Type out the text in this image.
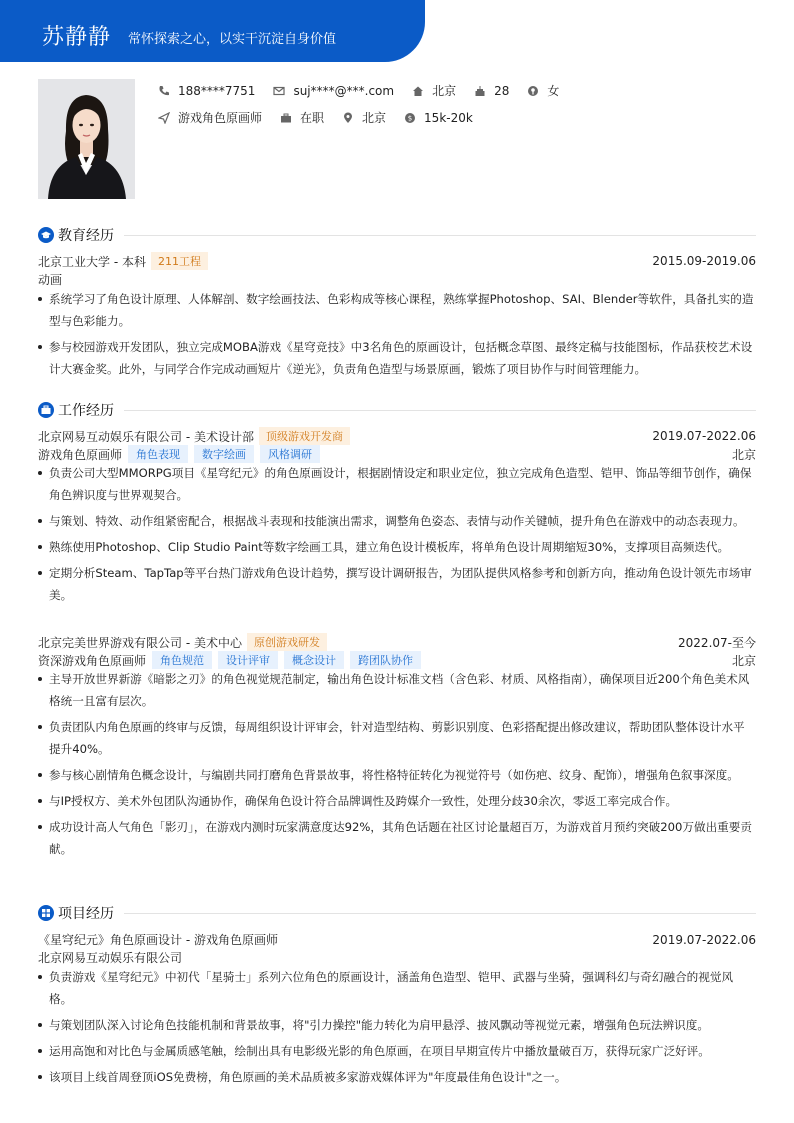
苏静静 常怀探索之心，以实干沉淀自身价值
188****7751	suj****@***.com	北京	28	女
游戏角色原画师	在职	北京	$ 15k-20k
教育经历
北京工业大学 - 本科	211工程	2015.09-2019.06
动画
系统学习了角色设计原理、人体解剖、数字绘画技法、色彩构成等核心课程，熟练掌握Photoshop、SAI、Blender等软件，具备扎实的造型与色彩能力。
参与校园游戏开发团队，独立完成MOBA游戏《星穹竞技》中3名角色的原画设计，包括概念草图、最终定稿与技能图标，作品获校艺术设计大赛金奖。此外，与同学合作完成动画短片《逆光》，负责角色造型与场景原画，锻炼了项目协作与时间管理能力。
工作经历
北京网易互动娱乐有限公司 - 美术设计部	顶级游戏开发商	2019.07-2022.06
游戏角色原画师	角色表现	数字绘画	风格调研	北京
负责公司大型MMORPG项目《星穹纪元》的角色原画设计，根据剧情设定和职业定位，独立完成角色造型、铠甲、饰品等细节创作，确保角色辨识度与世界观契合。
与策划、特效、动作组紧密配合，根据战斗表现和技能演出需求，调整角色姿态、表情与动作关键帧，提升角色在游戏中的动态表现力。
熟练使用Photoshop、Clip Studio Paint等数字绘画工具，建立角色设计模板库，将单角色设计周期缩短30%，支撑项目高频迭代。
定期分析Steam、TapTap等平台热门游戏角色设计趋势，撰写设计调研报告，为团队提供风格参考和创新方向，推动角色设计领先市场审美。
北京完美世界游戏有限公司 - 美术中心	原创游戏研发	2022.07-至今
资深游戏角色原画师	角色规范	设计评审	概念设计	跨团队协作	北京
主导开放世界新游《暗影之刃》的角色视觉规范制定，输出角色设计标准文档（含色彩、材质、风格指南），确保项目近200个角色美术风格统一且富有层次。
负责团队内角色原画的终审与反馈，每周组织设计评审会，针对造型结构、剪影识别度、色彩搭配提出修改建议，帮助团队整体设计水平提升40%。
参与核心剧情角色概念设计，与编剧共同打磨角色背景故事，将性格特征转化为视觉符号（如伤疤、纹身、配饰），增强角色叙事深度。
与IP授权方、美术外包团队沟通协作，确保角色设计符合品牌调性及跨媒介一致性，处理分歧30余次，零返工率完成合作。
成功设计高人气角色「影刃」，在游戏内测时玩家满意度达92%，其角色话题在社区讨论量超百万，为游戏首月预约突破200万做出重要贡献。
项目经历
《星穹纪元》角色原画设计 - 游戏角色原画师	2019.07-2022.06
北京网易互动娱乐有限公司
负责游戏《星穹纪元》中初代「星骑士」系列六位角色的原画设计，涵盖角色造型、铠甲、武器与坐骑，强调科幻与奇幻融合的视觉风格。
与策划团队深入讨论角色技能机制和背景故事，将"引力操控"能力转化为肩甲悬浮、披风飘动等视觉元素，增强角色玩法辨识度。
运用高饱和对比色与金属质感笔触，绘制出具有电影级光影的角色原画，在项目早期宣传片中播放量破百万，获得玩家广泛好评。
该项目上线首周登顶iOS免费榜，角色原画的美术品质被多家游戏媒体评为"年度最佳角色设计"之一。
